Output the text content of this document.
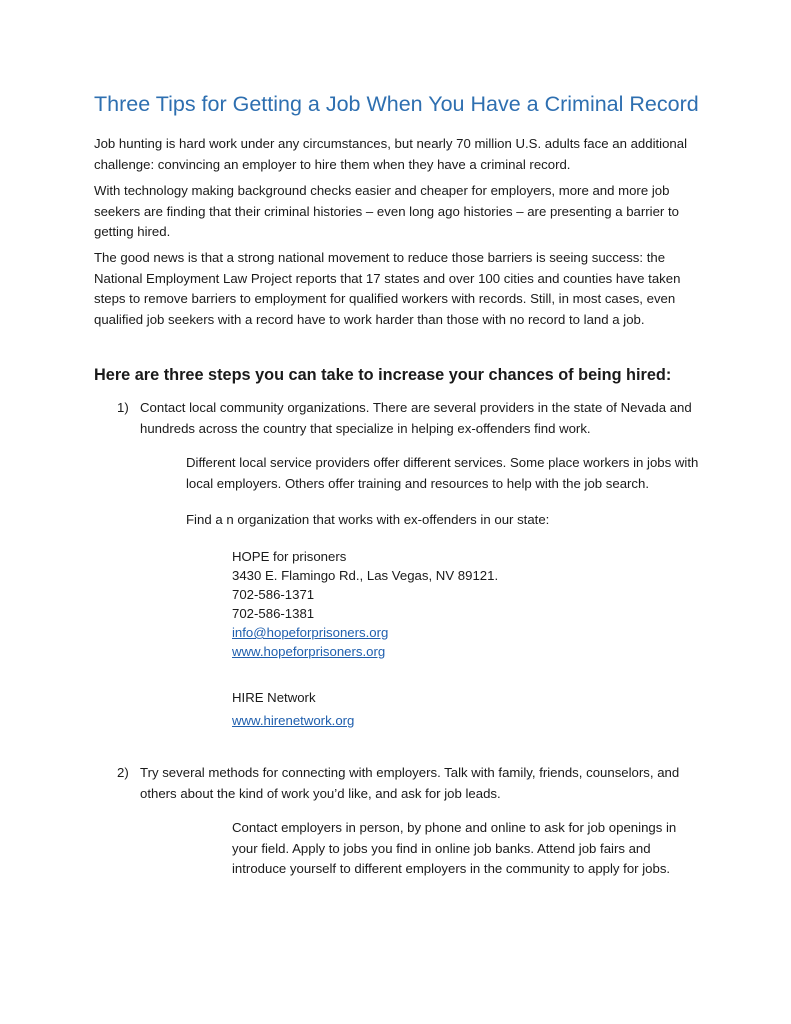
Three Tips for Getting a Job When You Have a Criminal Record

Job hunting is hard work under any circumstances, but nearly 70 million U.S. adults face an additional challenge: convincing an employer to hire them when they have a criminal record.

With technology making background checks easier and cheaper for employers, more and more job seekers are finding that their criminal histories – even long ago histories – are presenting a barrier to getting hired.

The good news is that a strong national movement to reduce those barriers is seeing success: the National Employment Law Project reports that 17 states and over 100 cities and counties have taken steps to remove barriers to employment for qualified workers with records. Still, in most cases, even qualified job seekers with a record have to work harder than those with no record to land a job.

Here are three steps you can take to increase your chances of being hired:
1) Contact local community organizations. There are several providers in the state of Nevada and hundreds across the country that specialize in helping ex-offenders find work.

Different local service providers offer different services. Some place workers in jobs with local employers. Others offer training and resources to help with the job search.

Find a n organization that works with ex-offenders in our state:
HOPE for prisoners
3430 E. Flamingo Rd., Las Vegas, NV 89121.
702-586-1371
702-586-1381
info@hopeforprisoners.org
www.hopeforprisoners.org
HIRE Network
www.hirenetwork.org
2) Try several methods for connecting with employers. Talk with family, friends, counselors, and others about the kind of work you’d like, and ask for job leads.

Contact employers in person, by phone and online to ask for job openings in your field. Apply to jobs you find in online job banks. Attend job fairs and introduce yourself to different employers in the community to apply for jobs.
